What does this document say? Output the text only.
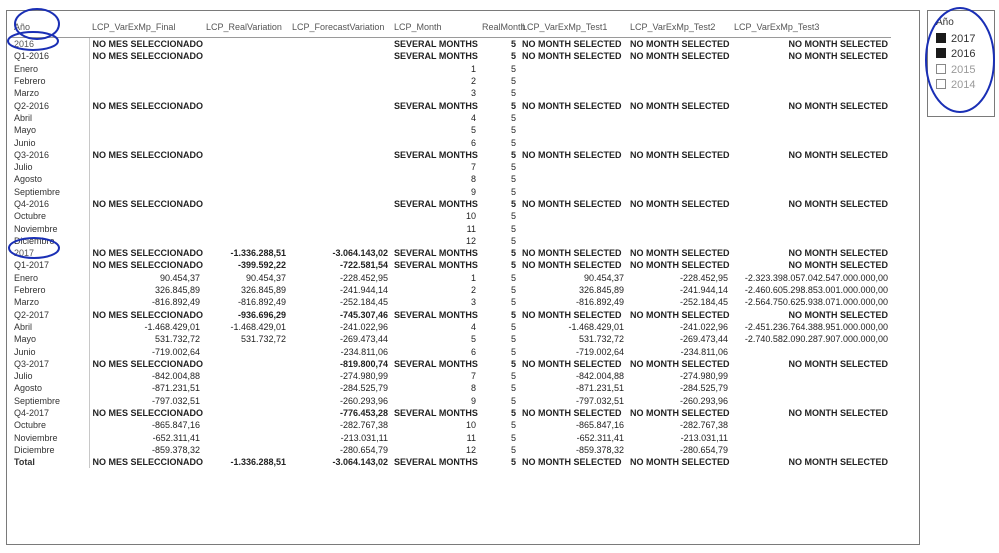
Año	LCP_VarExMp_Final	LCP_RealVariation	LCP_ForecastVariation	LCP_Month	RealMonth	LCP_VarExMp_Test1	LCP_VarExMp_Test2	LCP_VarExMp_Test3
2016	NO MES SELECCIONADO			SEVERAL MONTHS	5	NO MONTH SELECTED	NO MONTH SELECTED	NO MONTH SELECTED
Q1-2016	NO MES SELECCIONADO			SEVERAL MONTHS	5	NO MONTH SELECTED	NO MONTH SELECTED	NO MONTH SELECTED
Enero				1	5			
Febrero				2	5			
Marzo				3	5			
Q2-2016	NO MES SELECCIONADO			SEVERAL MONTHS	5	NO MONTH SELECTED	NO MONTH SELECTED	NO MONTH SELECTED
Abril				4	5			
Mayo				5	5			
Junio				6	5			
Q3-2016	NO MES SELECCIONADO			SEVERAL MONTHS	5	NO MONTH SELECTED	NO MONTH SELECTED	NO MONTH SELECTED
Julio				7	5			
Agosto				8	5			
Septiembre				9	5			
Q4-2016	NO MES SELECCIONADO			SEVERAL MONTHS	5	NO MONTH SELECTED	NO MONTH SELECTED	NO MONTH SELECTED
Octubre				10	5			
Noviembre				11	5			
Diciembre				12	5			
2017	NO MES SELECCIONADO	-1.336.288,51	-3.064.143,02	SEVERAL MONTHS	5	NO MONTH SELECTED	NO MONTH SELECTED	NO MONTH SELECTED
Q1-2017	NO MES SELECCIONADO	-399.592,22	-722.581,54	SEVERAL MONTHS	5	NO MONTH SELECTED	NO MONTH SELECTED	NO MONTH SELECTED
Enero	90.454,37	90.454,37	-228.452,95	1	5	90.454,37	-228.452,95	-2.323.398.057.042.547.000.000,00
Febrero	326.845,89	326.845,89	-241.944,14	2	5	326.845,89	-241.944,14	-2.460.605.298.853.001.000.000,00
Marzo	-816.892,49	-816.892,49	-252.184,45	3	5	-816.892,49	-252.184,45	-2.564.750.625.938.071.000.000,00
Q2-2017	NO MES SELECCIONADO	-936.696,29	-745.307,46	SEVERAL MONTHS	5	NO MONTH SELECTED	NO MONTH SELECTED	NO MONTH SELECTED
Abril	-1.468.429,01	-1.468.429,01	-241.022,96	4	5	-1.468.429,01	-241.022,96	-2.451.236.764.388.951.000.000,00
Mayo	531.732,72	531.732,72	-269.473,44	5	5	531.732,72	-269.473,44	-2.740.582.090.287.907.000.000,00
Junio	-719.002,64		-234.811,06	6	5	-719.002,64	-234.811,06	
Q3-2017	NO MES SELECCIONADO		-819.800,74	SEVERAL MONTHS	5	NO MONTH SELECTED	NO MONTH SELECTED	NO MONTH SELECTED
Julio	-842.004,88		-274.980,99	7	5	-842.004,88	-274.980,99	
Agosto	-871.231,51		-284.525,79	8	5	-871.231,51	-284.525,79	
Septiembre	-797.032,51		-260.293,96	9	5	-797.032,51	-260.293,96	
Q4-2017	NO MES SELECCIONADO		-776.453,28	SEVERAL MONTHS	5	NO MONTH SELECTED	NO MONTH SELECTED	NO MONTH SELECTED
Octubre	-865.847,16		-282.767,38	10	5	-865.847,16	-282.767,38	
Noviembre	-652.311,41		-213.031,11	11	5	-652.311,41	-213.031,11	
Diciembre	-859.378,32		-280.654,79	12	5	-859.378,32	-280.654,79	
Total	NO MES SELECCIONADO	-1.336.288,51	-3.064.143,02	SEVERAL MONTHS	5	NO MONTH SELECTED	NO MONTH SELECTED	NO MONTH SELECTED
Año
2017
2016
2015
2014
